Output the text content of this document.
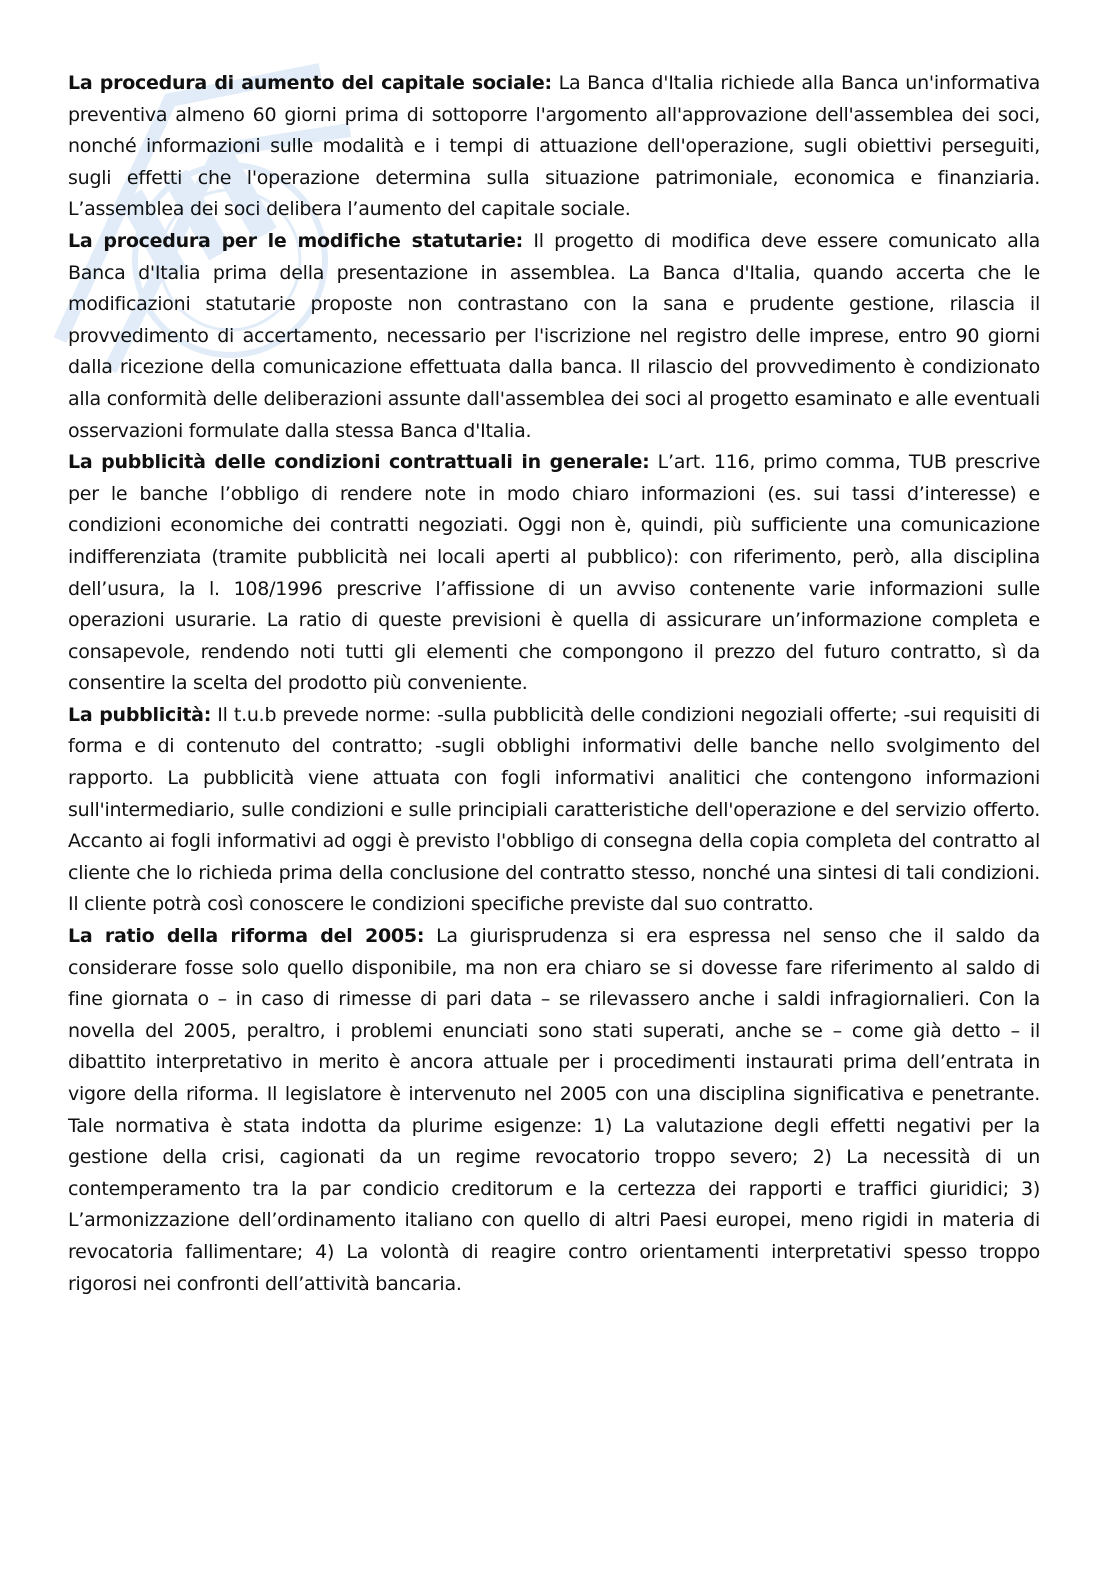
La procedura di aumento del capitale sociale: La Banca d'Italia richiede alla Banca un'informativa preventiva almeno 60 giorni prima di sottoporre l'argomento all'approvazione dell'assemblea dei soci, nonché informazioni sulle modalità e i tempi di attuazione dell'operazione, sugli obiettivi perseguiti, sugli effetti che l'operazione determina sulla situazione patrimoniale, economica e finanziaria. L’assemblea dei soci delibera l’aumento del capitale sociale.

La procedura per le modifiche statutarie: Il progetto di modifica deve essere comunicato alla Banca d'Italia prima della presentazione in assemblea. La Banca d'Italia, quando accerta che le modificazioni statutarie proposte non contrastano con la sana e prudente gestione, rilascia il provvedimento di accertamento, necessario per l'iscrizione nel registro delle imprese, entro 90 giorni dalla ricezione della comunicazione effettuata dalla banca. Il rilascio del provvedimento è condizionato alla conformità delle deliberazioni assunte dall'assemblea dei soci al progetto esaminato e alle eventuali osservazioni formulate dalla stessa Banca d'Italia.

La pubblicità delle condizioni contrattuali in generale: L’art. 116, primo comma, TUB prescrive per le banche l’obbligo di rendere note in modo chiaro informazioni (es. sui tassi d’interesse) e condizioni economiche dei contratti negoziati. Oggi non è, quindi, più sufficiente una comunicazione indifferenziata (tramite pubblicità nei locali aperti al pubblico): con riferimento, però, alla disciplina dell’usura, la l. 108/1996 prescrive l’affissione di un avviso contenente varie informazioni sulle operazioni usurarie. La ratio di queste previsioni è quella di assicurare un’informazione completa e consapevole, rendendo noti tutti gli elementi che compongono il prezzo del futuro contratto, sì da consentire la scelta del prodotto più conveniente.

La pubblicità: Il t.u.b prevede norme: -sulla pubblicità delle condizioni negoziali offerte; -sui requisiti di forma e di contenuto del contratto; -sugli obblighi informativi delle banche nello svolgimento del rapporto. La pubblicità viene attuata con fogli informativi analitici che contengono informazioni sull'intermediario, sulle condizioni e sulle principiali caratteristiche dell'operazione e del servizio offerto. Accanto ai fogli informativi ad oggi è previsto l'obbligo di consegna della copia completa del contratto al cliente che lo richieda prima della conclusione del contratto stesso, nonché una sintesi di tali condizioni. Il cliente potrà così conoscere le condizioni specifiche previste dal suo contratto.

La ratio della riforma del 2005: La giurisprudenza si era espressa nel senso che il saldo da considerare fosse solo quello disponibile, ma non era chiaro se si dovesse fare riferimento al saldo di fine giornata o – in caso di rimesse di pari data – se rilevassero anche i saldi infragiornalieri. Con la novella del 2005, peraltro, i problemi enunciati sono stati superati, anche se – come già detto – il dibattito interpretativo in merito è ancora attuale per i procedimenti instaurati prima dell’entrata in vigore della riforma. Il legislatore è intervenuto nel 2005 con una disciplina significativa e penetrante. Tale normativa è stata indotta da plurime esigenze: 1) La valutazione degli effetti negativi per la gestione della crisi, cagionati da un regime revocatorio troppo severo; 2) La necessità di un contemperamento tra la par condicio creditorum e la certezza dei rapporti e traffici giuridici; 3) L’armonizzazione dell’ordinamento italiano con quello di altri Paesi europei, meno rigidi in materia di revocatoria fallimentare; 4) La volontà di reagire contro orientamenti interpretativi spesso troppo rigorosi nei confronti dell’attività bancaria.
